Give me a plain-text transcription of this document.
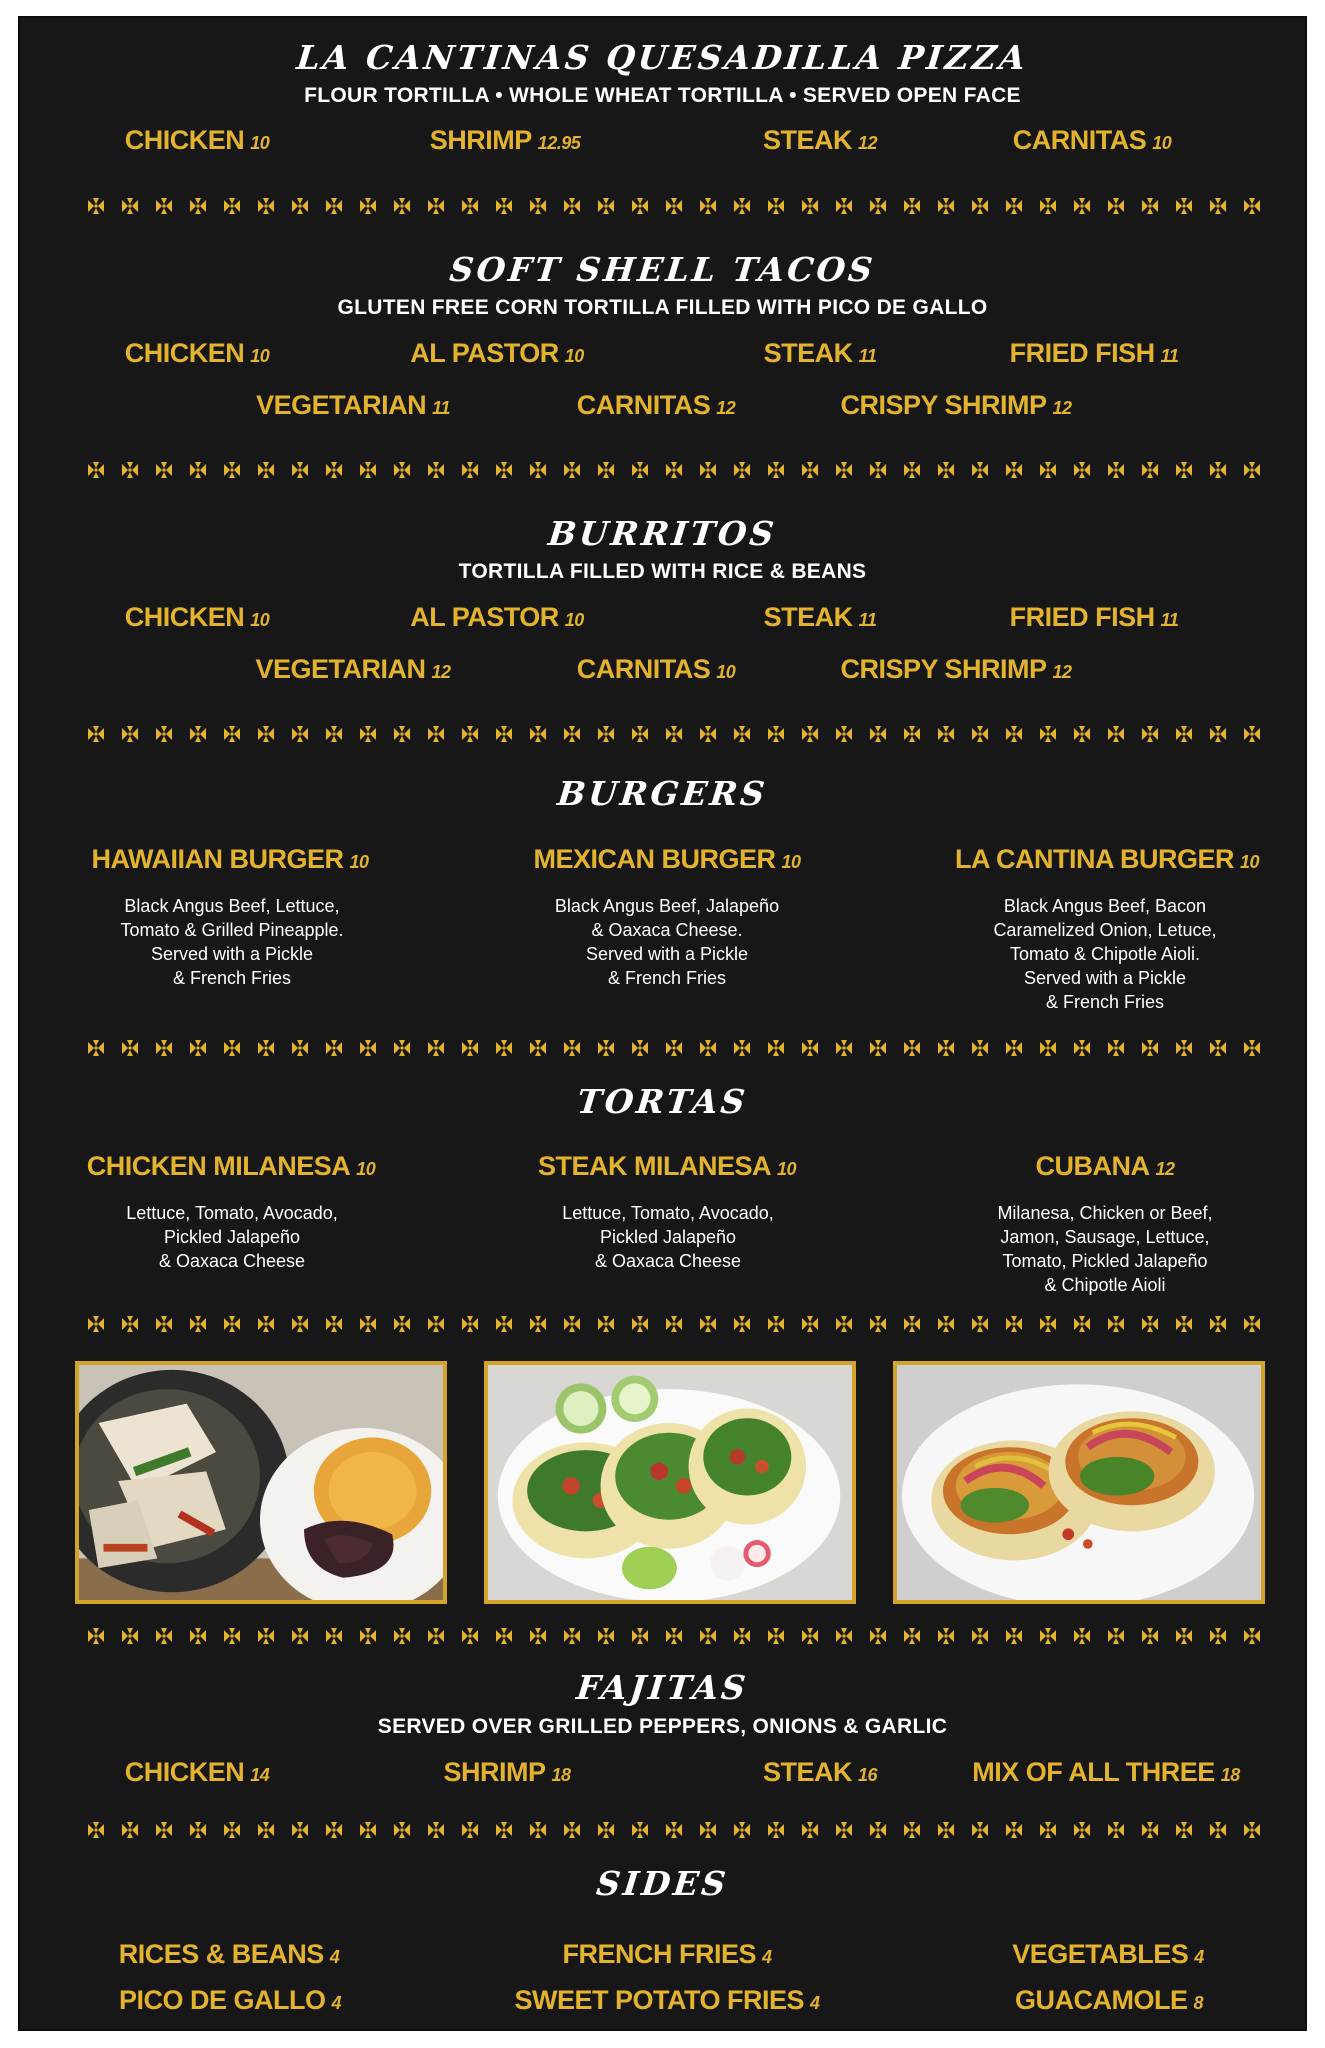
LA CANTINAS QUESADILLA PIZZA
FLOUR TORTILLA • WHOLE WHEAT TORTILLA • SERVED OPEN FACE
CHICKEN 10	SHRIMP 12.95	STEAK 12	CARNITAS 10
SOFT SHELL TACOS
GLUTEN FREE CORN TORTILLA FILLED WITH PICO DE GALLO
CHICKEN 10	AL PASTOR 10	STEAK 11	FRIED FISH 11
VEGETARIAN 11	CARNITAS 12	CRISPY SHRIMP 12
BURRITOS
TORTILLA FILLED WITH RICE & BEANS
CHICKEN 10	AL PASTOR 10	STEAK 11	FRIED FISH 11
VEGETARIAN 12	CARNITAS 10	CRISPY SHRIMP 12
BURGERS
HAWAIIAN BURGER 10	MEXICAN BURGER 10	LA CANTINA BURGER 10
Black Angus Beef, Lettuce,
Tomato & Grilled Pineapple.
Served with a Pickle
& French Fries
Black Angus Beef, Jalapeño
& Oaxaca Cheese.
Served with a Pickle
& French Fries
Black Angus Beef, Bacon
Caramelized Onion, Letuce,
Tomato & Chipotle Aioli.
Served with a Pickle
& French Fries
TORTAS
CHICKEN MILANESA 10	STEAK MILANESA 10	CUBANA 12
Lettuce, Tomato, Avocado,
Pickled Jalapeño
& Oaxaca Cheese
Lettuce, Tomato, Avocado,
Pickled Jalapeño
& Oaxaca Cheese
Milanesa, Chicken or Beef,
Jamon, Sausage, Lettuce,
Tomato, Pickled Jalapeño
& Chipotle Aioli
FAJITAS
SERVED OVER GRILLED PEPPERS, ONIONS & GARLIC
CHICKEN 14	SHRIMP 18	STEAK 16	MIX OF ALL THREE 18
SIDES
RICES & BEANS 4	FRENCH FRIES 4	VEGETABLES 4
PICO DE GALLO 4	SWEET POTATO FRIES 4	GUACAMOLE 8
